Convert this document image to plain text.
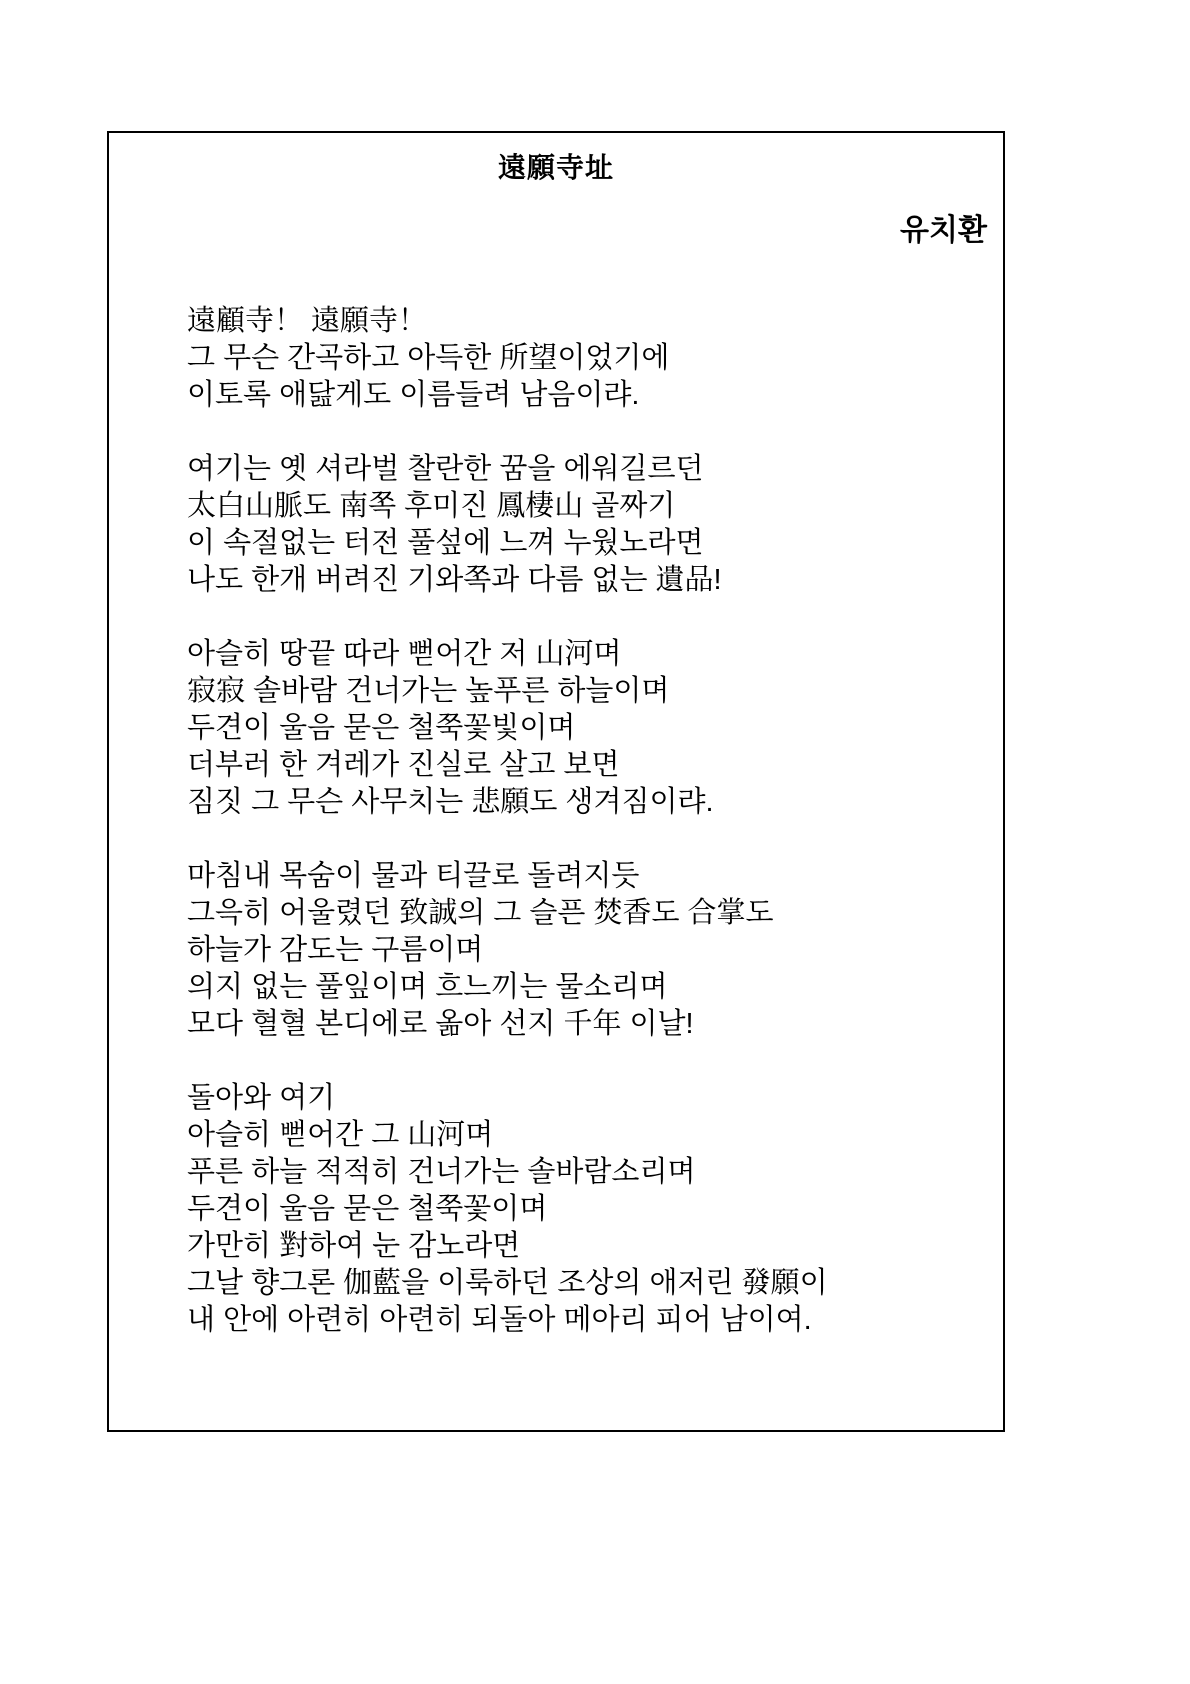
遠願寺址
유치환
遠顧寺！ 遠願寺！
그 무슨 간곡하고 아득한 所望이었기에
이토록 애닲게도 이름들려 남음이랴.
여기는 옛 셔라벌 찰란한 꿈을 에워길르던
太白山脈도 南쪽 후미진 鳳棲山 골짜기
이 속절없는 터전 풀섶에 느껴 누웠노라면
나도 한개 버려진 기와쪽과 다름 없는 遺品!
아슬히 땅끝 따라 뻗어간 저 山河며
寂寂 솔바람 건너가는 높푸른 하늘이며
두견이 울음 묻은 철쭉꽃빛이며
더부러 한 겨레가 진실로 살고 보면
짐짓 그 무슨 사무치는 悲願도 생겨짐이랴.
마침내 목숨이 물과 티끌로 돌려지듯
그윽히 어울렸던 致誠의 그 슬픈 焚香도 合掌도
하늘가 감도는 구름이며
의지 없는 풀잎이며 흐느끼는 물소리며
모다 혈혈 본디에로 옮아 선지 千年 이날!
돌아와 여기
아슬히 뻗어간 그 山河며
푸른 하늘 적적히 건너가는 솔바람소리며
두견이 울음 묻은 철쭉꽃이며
가만히 對하여 눈 감노라면
그날 향그론 伽藍을 이룩하던 조상의 애저린 發願이
내 안에 아련히 아련히 되돌아 메아리 피어 남이여.
